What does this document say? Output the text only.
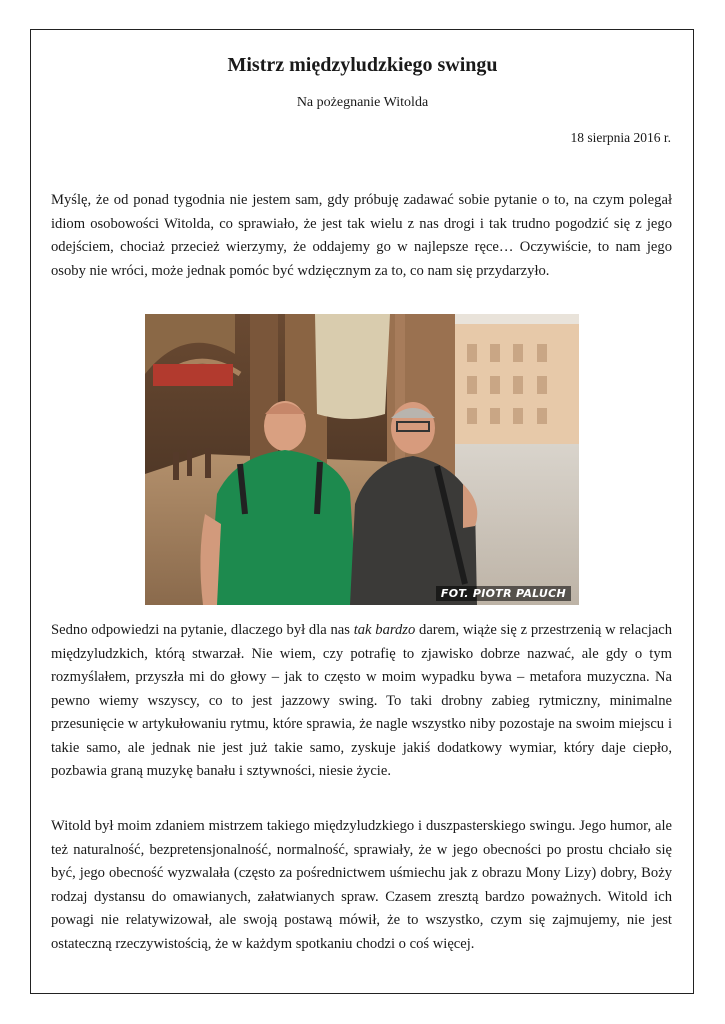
Mistrz międzyludzkiego swingu
Na pożegnanie Witolda
18 sierpnia 2016 r.

Myślę, że od ponad tygodnia nie jestem sam, gdy próbuję zadawać sobie pytanie o to, na czym polegał idiom osobowości Witolda, co sprawiało, że jest tak wielu z nas drogi i tak trudno pogodzić się z jego odejściem, chociaż przecież wierzymy, że oddajemy go w najlepsze ręce… Oczywiście, to nam jego osoby nie wróci, może jednak pomóc być wdzięcznym za to, co nam się przydarzyło.

FOT. PIOTR PALUCH

Sedno odpowiedzi na pytanie, dlaczego był dla nas tak bardzo darem, wiąże się z przestrzenią w relacjach międzyludzkich, którą stwarzał. Nie wiem, czy potrafię to zjawisko dobrze nazwać, ale gdy o tym rozmyślałem, przyszła mi do głowy – jak to często w moim wypadku bywa – metafora muzyczna. Na pewno wiemy wszyscy, co to jest jazzowy swing. To taki drobny zabieg rytmiczny, minimalne przesunięcie w artykułowaniu rytmu, które sprawia, że nagle wszystko niby pozostaje na swoim miejscu i takie samo, ale jednak nie jest już takie samo, zyskuje jakiś dodatkowy wymiar, który daje ciepło, pozbawia graną muzykę banału i sztywności, niesie życie.

Witold był moim zdaniem mistrzem takiego międzyludzkiego i duszpasterskiego swingu. Jego humor, ale też naturalność, bezpretensjonalność, normalność, sprawiały, że w jego obecności po prostu chciało się być, jego obecność wyzwalała (często za pośrednictwem uśmiechu jak z obrazu Mony Lizy) dobry, Boży rodzaj dystansu do omawianych, załatwianych spraw. Czasem zresztą bardzo poważnych. Witold ich powagi nie relatywizował, ale swoją postawą mówił, że to wszystko, czym się zajmujemy, nie jest ostateczną rzeczywistością, że w każdym spotkaniu chodzi o coś więcej.
